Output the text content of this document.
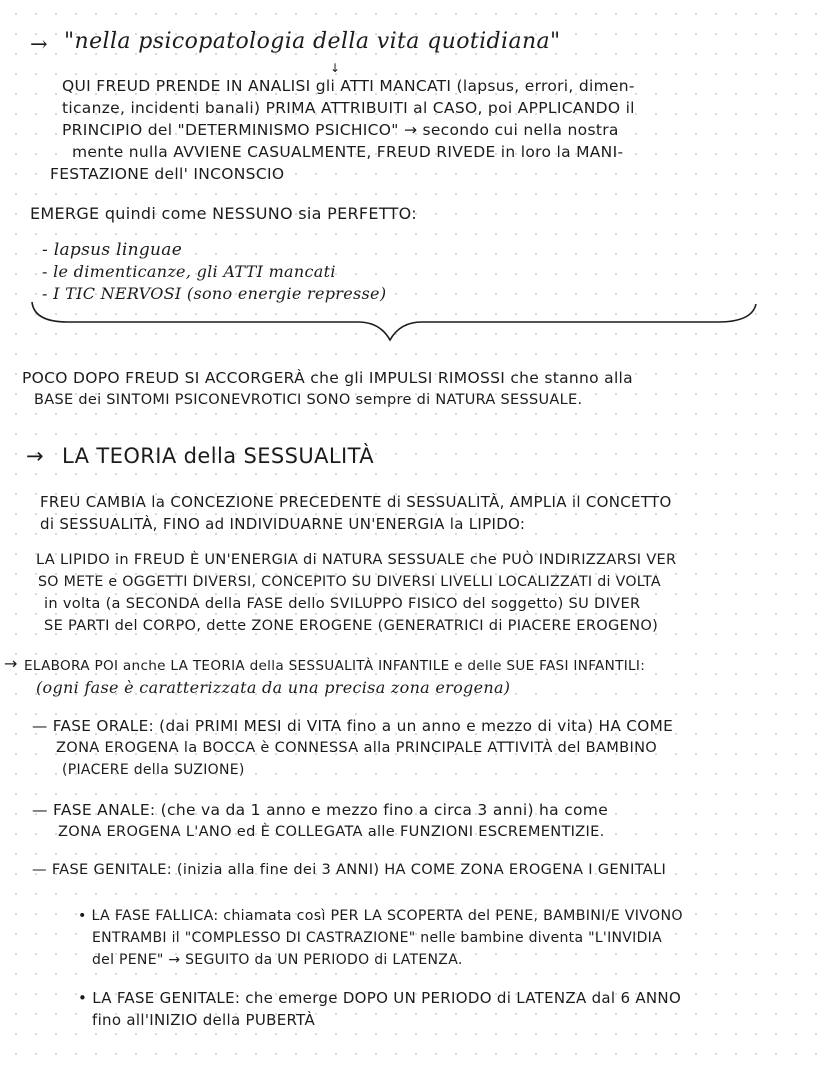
→ "nella psicopatologia della vita quotidiana"
↓
QUI FREUD PRENDE IN ANALISI gli ATTI MANCATI (lapsus, errori, dimen-
ticanze, incidenti banali) PRIMA ATTRIBUITI al CASO, poi APPLICANDO il
PRINCIPIO del "DETERMINISMO PSICHICO" → secondo cui nella nostra
mente nulla AVVIENE CASUALMENTE, FREUD RIVEDE in loro la MANI-
FESTAZIONE dell' INCONSCIO
EMERGE quindi come NESSUNO sia PERFETTO:
- lapsus linguae
- le dimenticanze, gli ATTI mancati
- I TIC NERVOSI (sono energie represse)
POCO DOPO FREUD SI ACCORGERÀ che gli IMPULSI RIMOSSI che stanno alla
BASE dei SINTOMI PSICONEVROTICI SONO sempre di NATURA SESSUALE.
→ LA TEORIA della SESSUALITÀ
FREU CAMBIA la CONCEZIONE PRECEDENTE di SESSUALITÀ, AMPLIA il CONCETTO
di SESSUALITÀ, FINO ad INDIVIDUARNE UN'ENERGIA la LIPIDO:
LA LIPIDO in FREUD È UN'ENERGIA di NATURA SESSUALE che PUÒ INDIRIZZARSI VER
SO METE e OGGETTI DIVERSI, CONCEPITO SU DIVERSI LIVELLI LOCALIZZATI di VOLTA
in volta (a SECONDA della FASE dello SVILUPPO FISICO del soggetto) SU DIVER
SE PARTI del CORPO, dette ZONE EROGENE (GENERATRICI di PIACERE EROGENO)
→ ELABORA POI anche LA TEORIA della SESSUALITÀ INFANTILE e delle SUE FASI INFANTILI:
(ogni fase è caratterizzata da una precisa zona erogena)
— FASE ORALE: (dai PRIMI MESI di VITA fino a un anno e mezzo di vita) HA COME
ZONA EROGENA la BOCCA è CONNESSA alla PRINCIPALE ATTIVITÀ del BAMBINO
(PIACERE della SUZIONE)
— FASE ANALE: (che va da 1 anno e mezzo fino a circa 3 anni) ha come
ZONA EROGENA L'ANO ed È COLLEGATA alle FUNZIONI ESCREMENTIZIE.
— FASE GENITALE: (inizia alla fine dei 3 ANNI) HA COME ZONA EROGENA I GENITALI
• LA FASE FALLICA: chiamata così PER LA SCOPERTA del PENE, BAMBINI/E VIVONO
ENTRAMBI il "COMPLESSO DI CASTRAZIONE" nelle bambine diventa "L'INVIDIA
del PENE" → SEGUITO da UN PERIODO di LATENZA.
• LA FASE GENITALE: che emerge DOPO UN PERIODO di LATENZA dal 6 ANNO
fino all'INIZIO della PUBERTÀ
